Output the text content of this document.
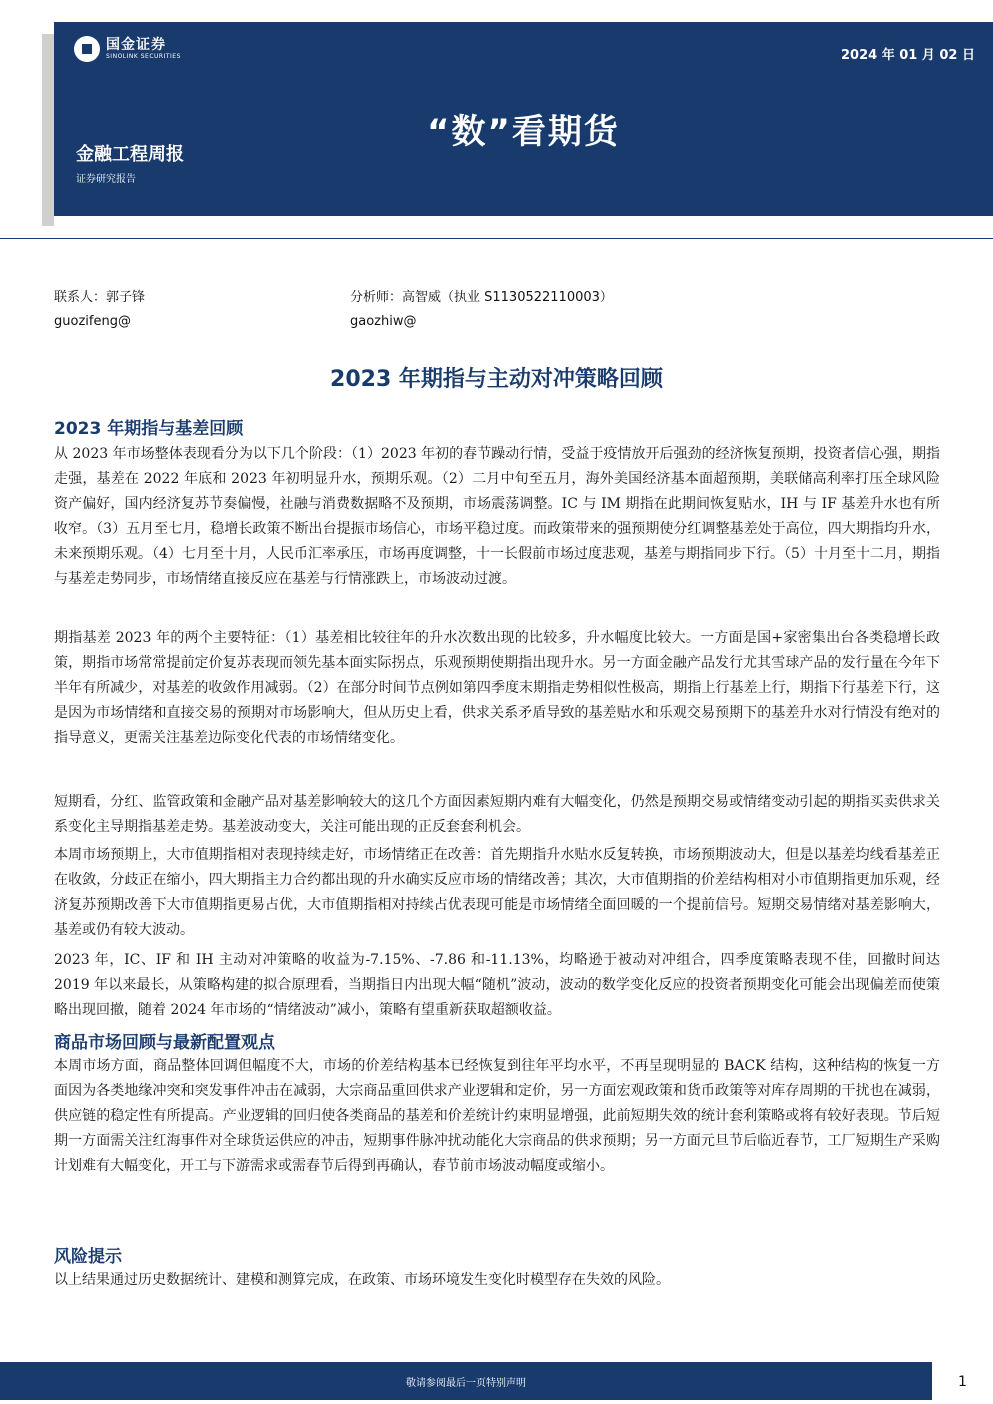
国金证券
SINOLINK SECURITIES	2024 年 01 月 02 日
“数”看期货
金融工程周报
证券研究报告
联系人：郭子锋
guozifeng@
分析师：高智威（执业 S1130522110003）
gaozhiw@
2023 年期指与主动对冲策略回顾
2023 年期指与基差回顾

从 2023 年市场整体表现看分为以下几个阶段：（1）2023 年初的春节躁动行情，受益于疫情放开后强劲的经济恢复预期，投资者信心强，期指走强，基差在 2022 年底和 2023 年初明显升水，预期乐观。（2）二月中旬至五月，海外美国经济基本面超预期，美联储高利率打压全球风险资产偏好，国内经济复苏节奏偏慢，社融与消费数据略不及预期，市场震荡调整。IC 与 IM 期指在此期间恢复贴水，IH 与 IF 基差升水也有所收窄。（3）五月至七月，稳增长政策不断出台提振市场信心，市场平稳过度。而政策带来的强预期使分红调整基差处于高位，四大期指均升水，未来预期乐观。（4）七月至十月，人民币汇率承压，市场再度调整，十一长假前市场过度悲观，基差与期指同步下行。（5）十月至十二月，期指与基差走势同步，市场情绪直接反应在基差与行情涨跌上，市场波动过渡。

期指基差 2023 年的两个主要特征：（1）基差相比较往年的升水次数出现的比较多，升水幅度比较大。一方面是国+家密集出台各类稳增长政策，期指市场常常提前定价复苏表现而领先基本面实际拐点，乐观预期使期指出现升水。另一方面金融产品发行尤其雪球产品的发行量在今年下半年有所减少，对基差的收敛作用减弱。（2）在部分时间节点例如第四季度末期指走势相似性极高，期指上行基差上行，期指下行基差下行，这是因为市场情绪和直接交易的预期对市场影响大，但从历史上看，供求关系矛盾导致的基差贴水和乐观交易预期下的基差升水对行情没有绝对的指导意义，更需关注基差边际变化代表的市场情绪变化。

短期看，分红、监管政策和金融产品对基差影响较大的这几个方面因素短期内难有大幅变化，仍然是预期交易或情绪变动引起的期指买卖供求关系变化主导期指基差走势。基差波动变大，关注可能出现的正反套套利机会。

本周市场预期上，大市值期指相对表现持续走好，市场情绪正在改善：首先期指升水贴水反复转换，市场预期波动大，但是以基差均线看基差正在收敛，分歧正在缩小，四大期指主力合约都出现的升水确实反应市场的情绪改善；其次，大市值期指的价差结构相对小市值期指更加乐观，经济复苏预期改善下大市值期指更易占优，大市值期指相对持续占优表现可能是市场情绪全面回暖的一个提前信号。短期交易情绪对基差影响大，基差或仍有较大波动。

2023 年，IC、IF 和 IH 主动对冲策略的收益为-7.15%、-7.86 和-11.13%，均略逊于被动对冲组合，四季度策略表现不佳，回撤时间达 2019 年以来最长，从策略构建的拟合原理看，当期指日内出现大幅“随机”波动，波动的数学变化反应的投资者预期变化可能会出现偏差而使策略出现回撤，随着 2024 年市场的“情绪波动”减小，策略有望重新获取超额收益。

商品市场回顾与最新配置观点

本周市场方面，商品整体回调但幅度不大，市场的价差结构基本已经恢复到往年平均水平，不再呈现明显的 BACK 结构，这种结构的恢复一方面因为各类地缘冲突和突发事件冲击在减弱，大宗商品重回供求产业逻辑和定价，另一方面宏观政策和货币政策等对库存周期的干扰也在减弱，供应链的稳定性有所提高。产业逻辑的回归使各类商品的基差和价差统计约束明显增强，此前短期失效的统计套利策略或将有较好表现。节后短期一方面需关注红海事件对全球货运供应的冲击，短期事件脉冲扰动能化大宗商品的供求预期；另一方面元旦节后临近春节，工厂短期生产采购计划难有大幅变化，开工与下游需求或需春节后得到再确认，春节前市场波动幅度或缩小。

风险提示

以上结果通过历史数据统计、建模和测算完成，在政策、市场环境发生变化时模型存在失效的风险。

敬请参阅最后一页特别声明	1
